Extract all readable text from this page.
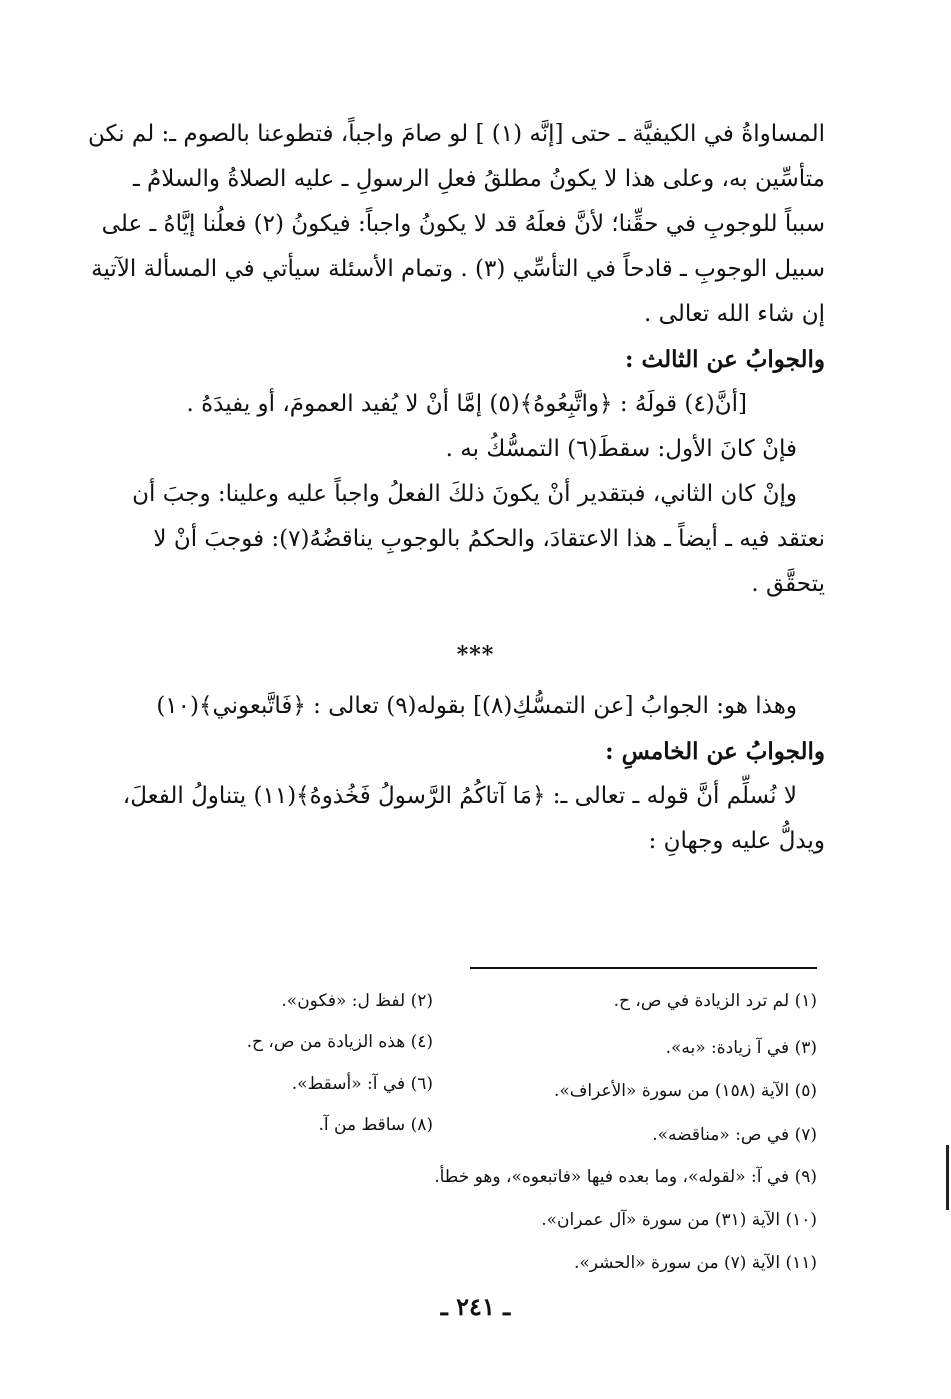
المساواةُ في الكيفيَّة ـ حتى [إنَّه (١) ] لو صامَ واجباً، فتطوعنا بالصوم ـ: لم نكن
متأسِّين به، وعلى هذا لا يكونُ مطلقُ فعلِ الرسولِ ـ عليه الصلاةُ والسلامُ ـ
سبباً للوجوبِ في حقِّنا؛ لأنَّ فعلَهُ قد لا يكونُ واجباً: فيكونُ (٢) فعلُنا إيَّاهُ ـ على
سبيل الوجوبِ ـ قادحاً في التأسِّي (٣) . وتمام الأسئلة سيأتي في المسألة الآتية
إن شاء الله تعالى .
والجوابُ عن الثالث :
[أنَّ(٤) قولَهُ : ﴿واتَّبِعُوهُ﴾(٥) إمَّا أنْ لا يُفيد العمومَ، أو يفيدَهُ .
فإنْ كانَ الأول: سقطَ(٦) التمسُّكُ به .
وإنْ كان الثاني، فبتقدير أنْ يكونَ ذلكَ الفعلُ واجباً عليه وعلينا: وجبَ أن
نعتقد فيه ـ أيضاً ـ هذا الاعتقادَ، والحكمُ بالوجوبِ يناقضُهُ(٧): فوجبَ أنْ لا
يتحقَّق .
***
وهذا هو: الجوابُ [عن التمسُّكِ(٨)] بقوله(٩) تعالى : ﴿فَاتَّبعوني﴾(١٠)
والجوابُ عن الخامسِ :
لا نُسلِّم أنَّ قوله ـ تعالى ـ: ﴿مَا آتاكُمُ الرَّسولُ فَخُذوهُ﴾(١١) يتناولُ الفعلَ،
ويدلُّ عليه وجهانِ :
(١) لم ترد الزيادة في ص، ح.
(٢) لفظ ل: «فكون».
(٣) في آ زيادة: «به».
(٤) هذه الزيادة من ص، ح.
(٥) الآية (١٥٨) من سورة «الأعراف».
(٦) في آ: «أسقط».
(٧) في ص: «مناقضه».
(٨) ساقط من آ.
(٩) في آ: «لقوله»، وما بعده فيها «فاتبعوه»، وهو خطأ.
(١٠) الآية (٣١) من سورة «آل عمران».
(١١) الآية (٧) من سورة «الحشر».
ـ ٢٤١ ـ
